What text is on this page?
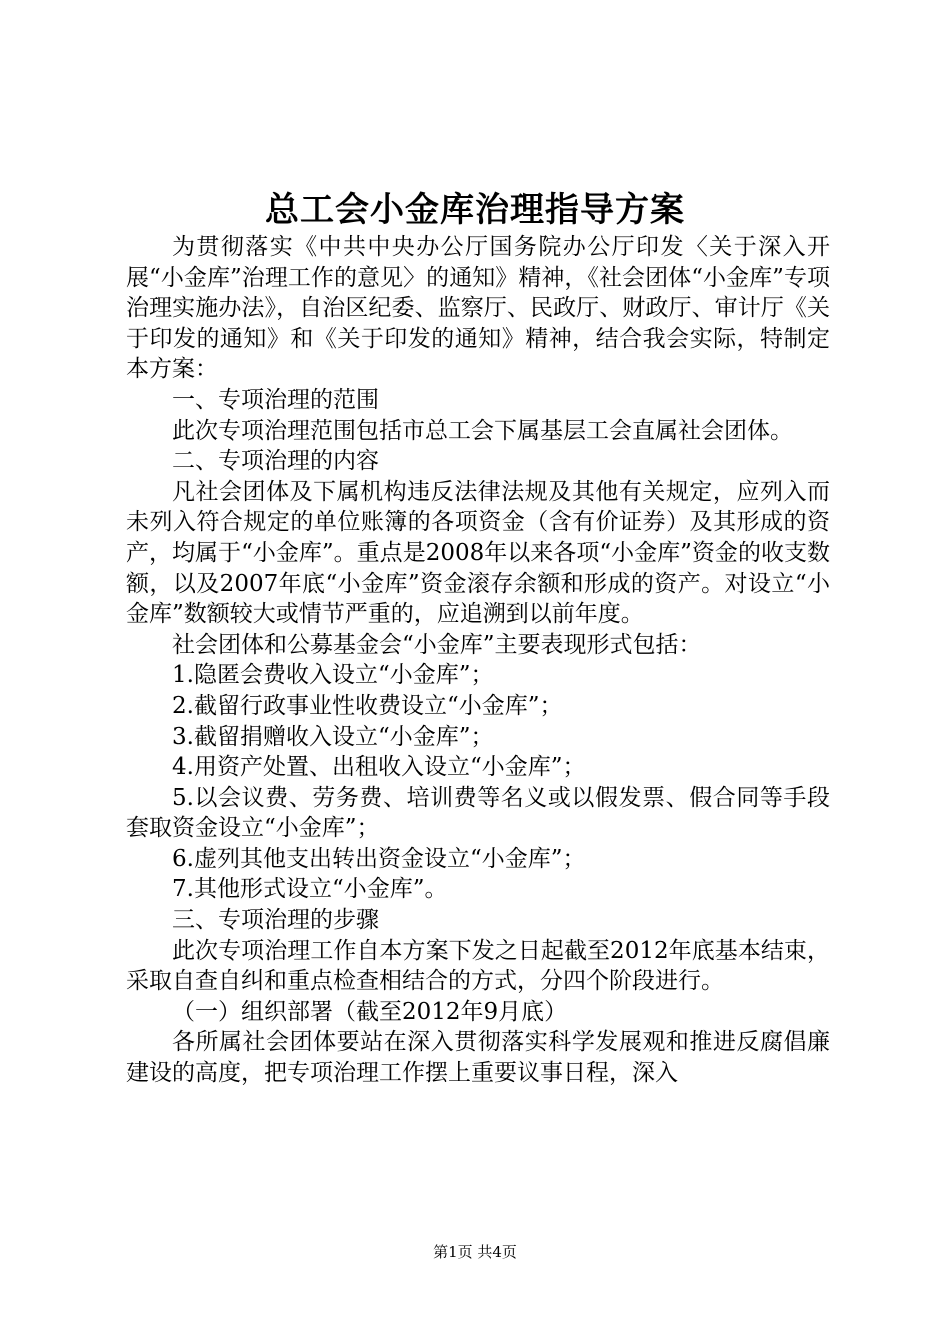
总工会小金库治理指导方案

为贯彻落实《中共中央办公厅国务院办公厅印发〈关于深入开展“小金库”治理工作的意见〉的通知》精神，《社会团体“小金库”专项治理实施办法》，自治区纪委、监察厅、民政厅、财政厅、审计厅《关于印发的通知》和《关于印发的通知》精神，结合我会实际，特制定本方案：

一、专项治理的范围

此次专项治理范围包括市总工会下属基层工会直属社会团体。

二、专项治理的内容

凡社会团体及下属机构违反法律法规及其他有关规定，应列入而未列入符合规定的单位账簿的各项资金（含有价证券）及其形成的资产，均属于“小金库”。重点是2008年以来各项“小金库”资金的收支数额，以及2007年底“小金库”资金滚存余额和形成的资产。对设立“小金库”数额较大或情节严重的，应追溯到以前年度。

社会团体和公募基金会“小金库”主要表现形式包括：

1.隐匿会费收入设立“小金库”；

2.截留行政事业性收费设立“小金库”；

3.截留捐赠收入设立“小金库”；

4.用资产处置、出租收入设立“小金库”；

5.以会议费、劳务费、培训费等名义或以假发票、假合同等手段套取资金设立“小金库”；

6.虚列其他支出转出资金设立“小金库”；

7.其他形式设立“小金库”。

三、专项治理的步骤

此次专项治理工作自本方案下发之日起截至2012年底基本结束，采取自查自纠和重点检查相结合的方式，分四个阶段进行。

（一）组织部署（截至2012年9月底）

各所属社会团体要站在深入贯彻落实科学发展观和推进反腐倡廉建设的高度，把专项治理工作摆上重要议事日程，深入

第1页 共4页
